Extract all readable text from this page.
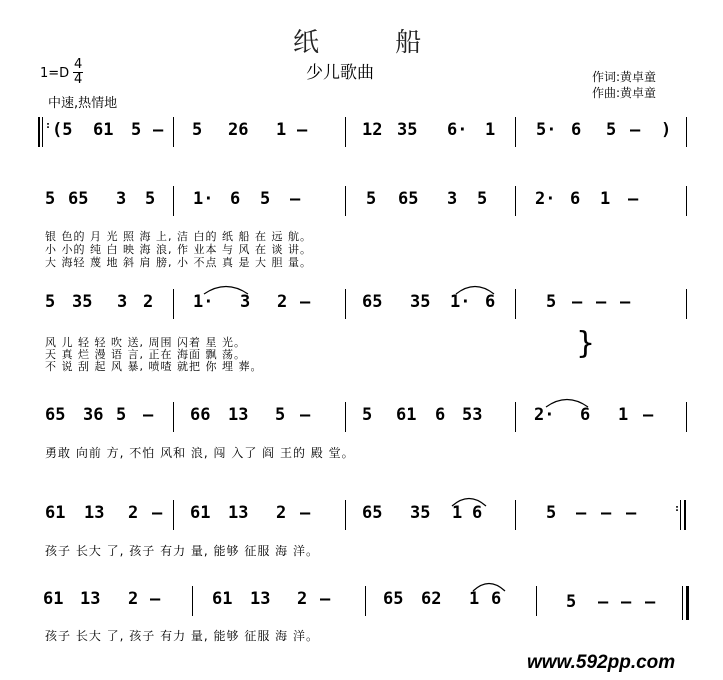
纸 船
少儿歌曲
$1=D \frac{4}{4}$
中速,热情地
作词:黄卓童
作曲:黄卓童
: (5 61 5 – 5 26 1 –	12 35 6· 1 5· 6 5 – )
5 65 3 5 1· 6 5 –	5 65 3 5	2· 6 1 –
银 色的 月 光 照 海 上, 洁 白的 纸 船 在 远 航。
小 小的 纯 白 映 海 浪, 作 业本 与 风 在 谈 讲。
大 海轻 蔑 地 斜 肩 膀, 小 不点 真 是 大 胆 量。
5 35 3 2 1· 3 2 –	65 35 1· 6	5 – – –
风 儿 轻 轻 吹 送, 周围 闪着 星 光。
天 真 烂 漫 语 言, 正在 海面 飘 荡。
不 说 刮 起 风 暴, 喷喳 就把 你 埋 葬。
}
65 36 5 – 66 13 5 –	5 61 6 53	2· 6 1 –
勇敢 向前 方, 不怕 风和 浪, 闯 入了 阎 王的 殿 堂。
61 13 2 – 61 13 2 –	65 35 1 6	5 – – –	:
孩子 长大 了, 孩子 有力 量, 能够 征服 海 洋。
61 13 2 –	61 13 2 –	65 62 1 6	5 – – –
孩子 长大 了, 孩子 有力 量, 能够 征服 海 洋。
www.592pp.com
